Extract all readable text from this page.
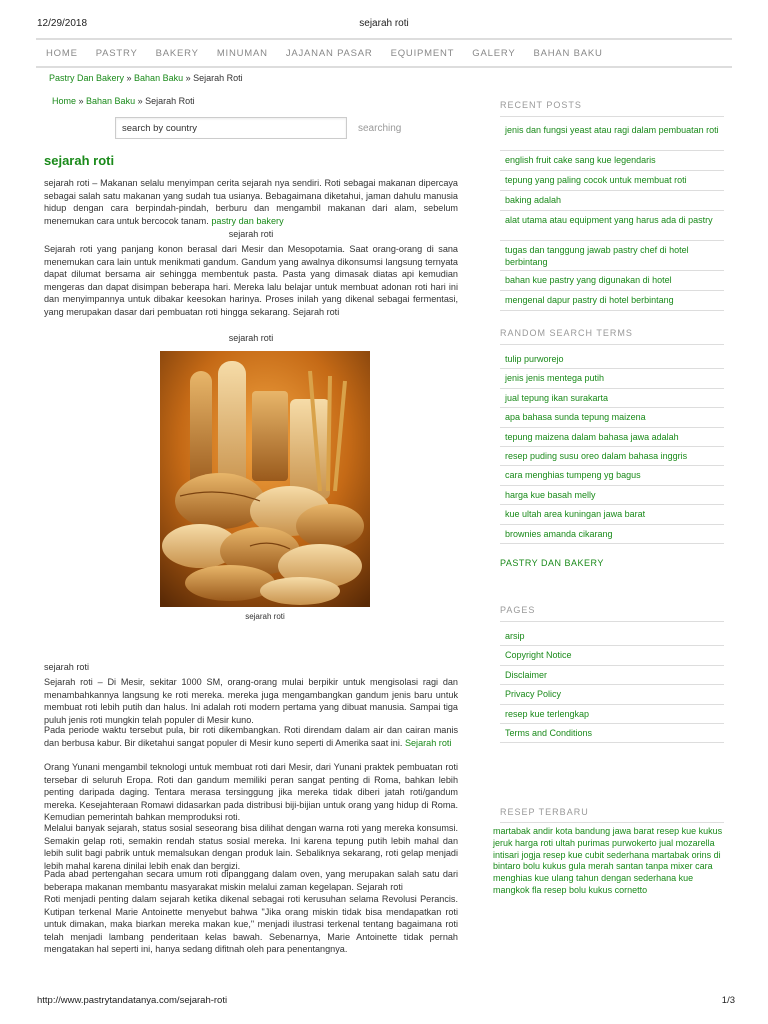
12/29/2018	sejarah roti
HOME PASTRY BAKERY MINUMAN JAJANAN PASAR EQUIPMENT GALERY BAHAN BAKU
Pastry Dan Bakery » Bahan Baku » Sejarah Roti
Home » Bahan Baku » Sejarah Roti
search by country	searching
sejarah roti

sejarah roti – Makanan selalu menyimpan cerita sejarah nya sendiri. Roti sebagai makanan dipercaya sebagai salah satu makanan yang sudah tua usianya. Bebagaimana diketahui, jaman dahulu manusia hidup dengan cara berpindah-pindah, berburu dan mengambil makanan dari alam, sebelum menemukan cara untuk bercocok tanam. pastry dan bakery

sejarah roti

Sejarah roti yang panjang konon berasal dari Mesir dan Mesopotamia. Saat orang-orang di sana menemukan cara lain untuk menikmati gandum. Gandum yang awalnya dikonsumsi langsung ternyata dapat dilumat bersama air sehingga membentuk pasta. Pasta yang dimasak diatas api kemudian mengeras dan dapat disimpan beberapa hari. Mereka lalu belajar untuk membuat adonan roti hari ini dan menyimpannya untuk dibakar keesokan harinya. Proses inilah yang dikenal sebagai fermentasi, yang merupakan dasar dari pembuatan roti hingga sekarang. Sejarah roti

sejarah roti
sejarah roti
sejarah roti

Sejarah roti – Di Mesir, sekitar 1000 SM, orang-orang mulai berpikir untuk mengisolasi ragi dan menambahkannya langsung ke roti mereka. mereka juga mengambangkan gandum jenis baru untuk membuat roti lebih putih dan halus. Ini adalah roti modern pertama yang dibuat manusia. Sampai tiga puluh jenis roti mungkin telah populer di Mesir kuno.

Pada periode waktu tersebut pula, bir roti dikembangkan. Roti direndam dalam air dan cairan manis dan berbusa kabur. Bir diketahui sangat populer di Mesir kuno seperti di Amerika saat ini. Sejarah roti

Orang Yunani mengambil teknologi untuk membuat roti dari Mesir, dari Yunani praktek pembuatan roti tersebar di seluruh Eropa. Roti dan gandum memiliki peran sangat penting di Roma, bahkan lebih penting daripada daging. Tentara merasa tersinggung jika mereka tidak diberi jatah roti/gandum mereka. Kesejahteraan Romawi didasarkan pada distribusi biji-bijian untuk orang yang hidup di Roma. Kemudian pemerintah bahkan memproduksi roti.

Melalui banyak sejarah, status sosial seseorang bisa dilihat dengan warna roti yang mereka konsumsi. Semakin gelap roti, semakin rendah status sosial mereka. Ini karena tepung putih lebih mahal dan lebih sulit bagi pabrik untuk memalsukan dengan produk lain. Sebaliknya sekarang, roti gelap menjadi lebih mahal karena dinilai lebih enak dan bergizi.

Pada abad pertengahan secara umum roti dipanggang dalam oven, yang merupakan salah satu dari beberapa makanan membantu masyarakat miskin melalui zaman kegelapan. Sejarah roti

Roti menjadi penting dalam sejarah ketika dikenal sebagai roti kerusuhan selama Revolusi Perancis. Kutipan terkenal Marie Antoinette menyebut bahwa "Jika orang miskin tidak bisa mendapatkan roti untuk dimakan, maka biarkan mereka makan kue," menjadi ilustrasi terkenal tentang bagaimana roti telah menjadi lambang penderitaan kelas bawah. Sebenarnya, Marie Antoinette tidak pernah mengatakan hal seperti ini, hanya sedang difitnah oleh para penentangnya.

RECENT POSTS
jenis dan fungsi yeast atau ragi dalam pembuatan roti
english fruit cake sang kue legendaris
tepung yang paling cocok untuk membuat roti
baking adalah
alat utama atau equipment yang harus ada di pastry
tugas dan tanggung jawab pastry chef di hotel berbintang
bahan kue pastry yang digunakan di hotel
mengenal dapur pastry di hotel berbintang
RANDOM SEARCH TERMS
tulip purworejo
jenis jenis mentega putih
jual tepung ikan surakarta
apa bahasa sunda tepung maizena
tepung maizena dalam bahasa jawa adalah
resep puding susu oreo dalam bahasa inggris
cara menghias tumpeng yg bagus
harga kue basah melly
kue ultah area kuningan jawa barat
brownies amanda cikarang
PASTRY DAN BAKERY
PAGES
arsip
Copyright Notice
Disclaimer
Privacy Policy
resep kue terlengkap
Terms and Conditions
RESEP TERBARU

martabak andir kota bandung jawa barat resep kue kukus jeruk harga roti ultah purimas purwokerto jual mozarella intisari jogja resep kue cubit sederhana martabak orins di bintaro bolu kukus gula merah santan tanpa mixer cara menghias kue ulang tahun dengan sederhana kue mangkok fla resep bolu kukus cornetto

http://www.pastrytandatanya.com/sejarah-roti	1/3
